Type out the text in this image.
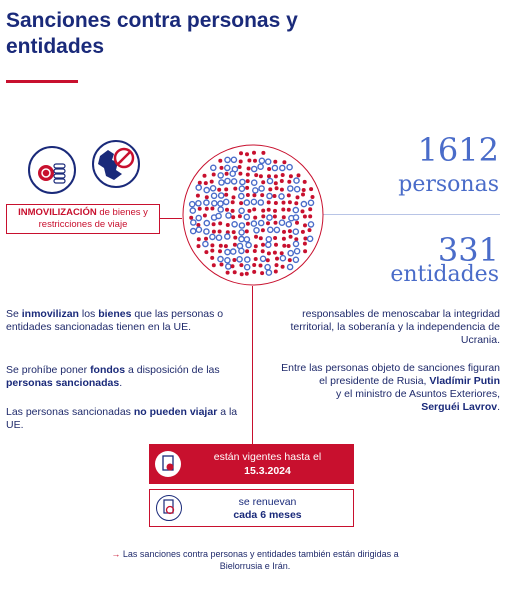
Sanciones contra personas y entidades
INMOVILIZACIÓN de bienes y restricciones de viaje
1612
personas
331
entidades

Se inmovilizan los bienes que las personas o entidades sancionadas tienen en la UE.

Se prohíbe poner fondos a disposición de las personas sancionadas.

Las personas sancionadas no pueden viajar a la UE.

responsables de menoscabar la integridad territorial, la soberanía y la independencia de Ucrania.

Entre las personas objeto de sanciones figuran
el presidente de Rusia, Vladímir Putin
y el ministro de Asuntos Exteriores,
Serguéi Lavrov.

están vigentes hasta el
15.3.2024
se renuevan
cada 6 meses
→ Las sanciones contra personas y entidades también están dirigidas a Bielorrusia e Irán.
